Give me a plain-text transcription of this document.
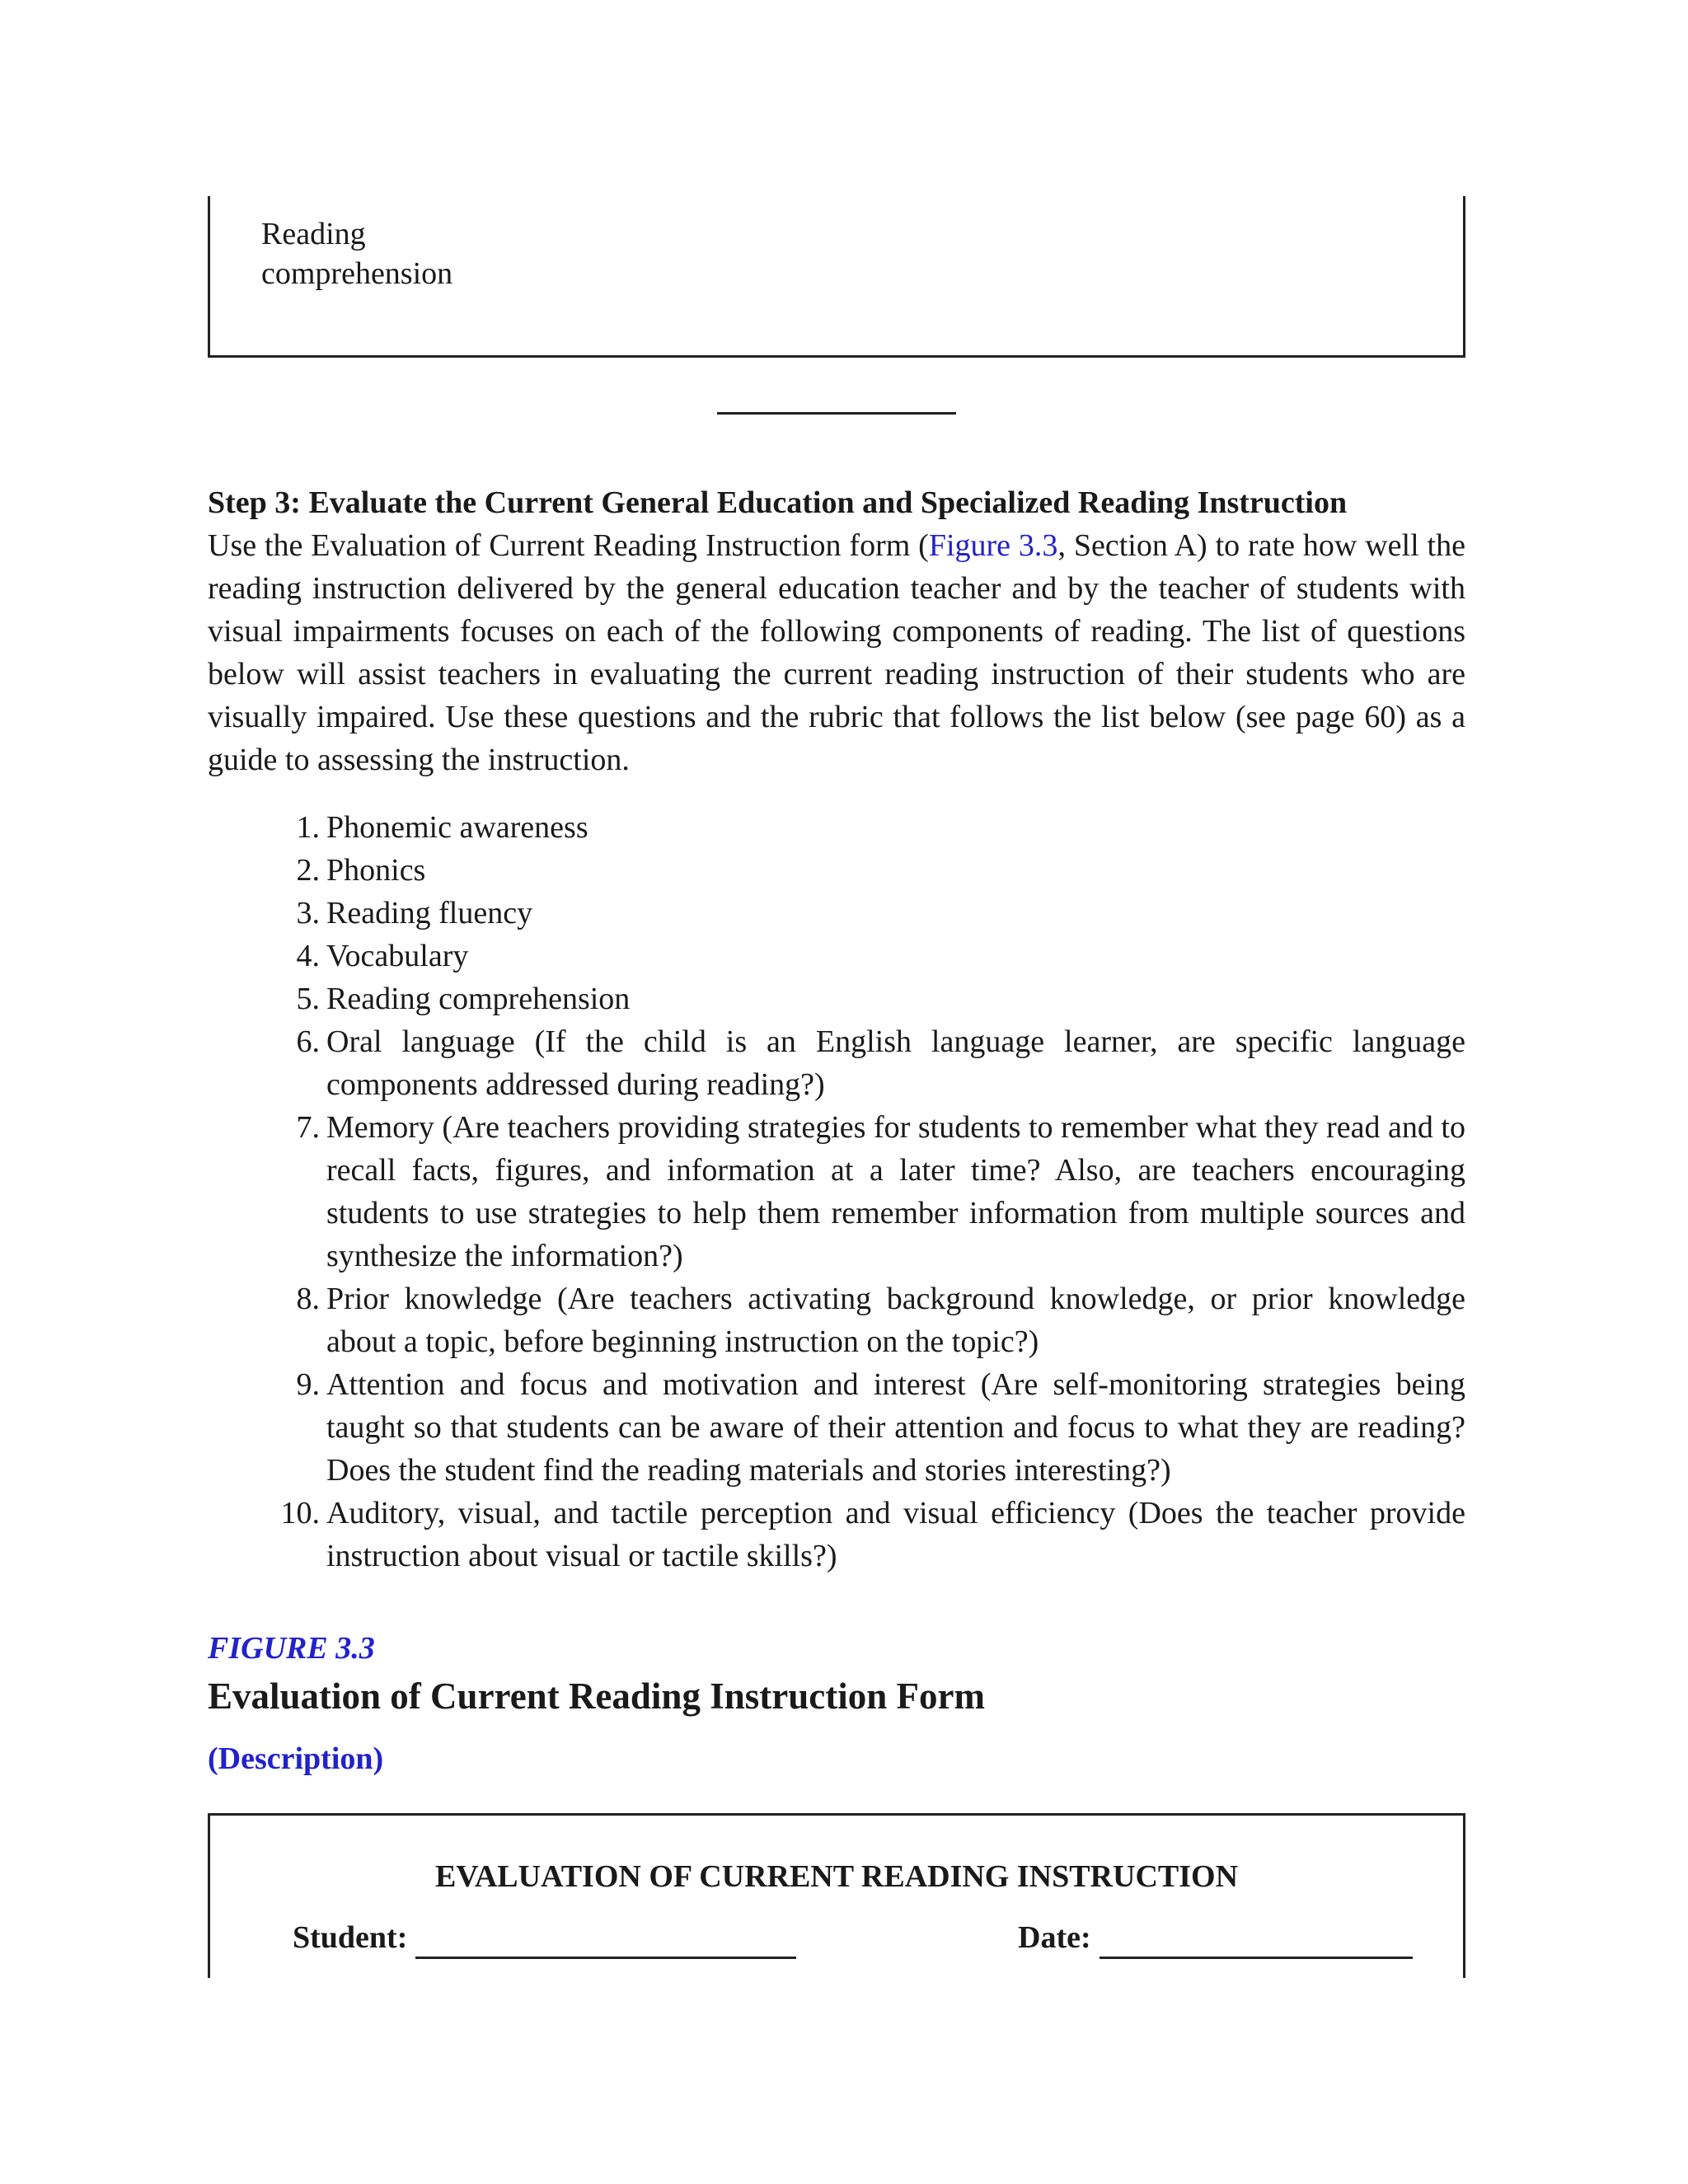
Reading
comprehension
Step 3: Evaluate the Current General Education and Specialized Reading Instruction
Use the Evaluation of Current Reading Instruction form (Figure 3.3, Section A) to rate how well the reading instruction delivered by the general education teacher and by the teacher of students with visual impairments focuses on each of the following components of reading. The list of questions below will assist teachers in evaluating the current reading instruction of their students who are visually impaired. Use these questions and the rubric that follows the list below (see page 60) as a guide to assessing the instruction.
1. Phonemic awareness
2. Phonics
3. Reading fluency
4. Vocabulary
5. Reading comprehension
6. Oral language (If the child is an English language learner, are specific language components addressed during reading?)
7. Memory (Are teachers providing strategies for students to remember what they read and to recall facts, figures, and information at a later time? Also, are teachers encouraging students to use strategies to help them remember information from multiple sources and synthesize the information?)
8. Prior knowledge (Are teachers activating background knowledge, or prior knowledge about a topic, before beginning instruction on the topic?)
9. Attention and focus and motivation and interest (Are self-monitoring strategies being taught so that students can be aware of their attention and focus to what they are reading? Does the student find the reading materials and stories interesting?)
10. Auditory, visual, and tactile perception and visual efficiency (Does the teacher provide instruction about visual or tactile skills?)
FIGURE 3.3
Evaluation of Current Reading Instruction Form
(Description)
EVALUATION OF CURRENT READING INSTRUCTION
Student:	Date:
